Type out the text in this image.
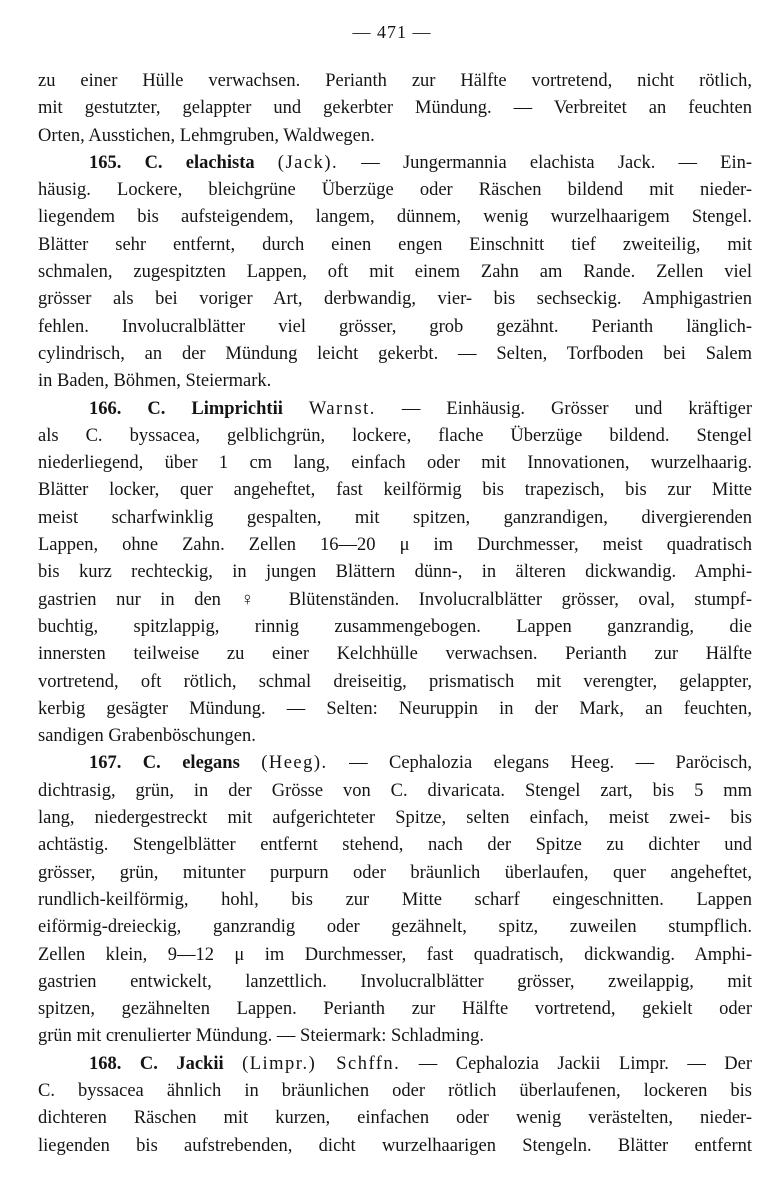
— 471 —
zu einer Hülle verwachsen. Perianth zur Hälfte vortretend, nicht rötlich,
mit gestutzter, gelappter und gekerbter Mündung. — Verbreitet an feuchten
Orten, Ausstichen, Lehmgruben, Waldwegen.
165. C. elachista (Jack). — Jungermannia elachista Jack. — Ein-
häusig. Lockere, bleichgrüne Überzüge oder Räschen bildend mit nieder-
liegendem bis aufsteigendem, langem, dünnem, wenig wurzelhaarigem Stengel.
Blätter sehr entfernt, durch einen engen Einschnitt tief zweiteilig, mit
schmalen, zugespitzten Lappen, oft mit einem Zahn am Rande. Zellen viel
grösser als bei voriger Art, derbwandig, vier- bis sechseckig. Amphigastrien
fehlen. Involucralblätter viel grösser, grob gezähnt. Perianth länglich-
cylindrisch, an der Mündung leicht gekerbt. — Selten, Torfboden bei Salem
in Baden, Böhmen, Steiermark.
166. C. Limprichtii Warnst. — Einhäusig. Grösser und kräftiger
als C. byssacea, gelblichgrün, lockere, flache Überzüge bildend. Stengel
niederliegend, über 1 cm lang, einfach oder mit Innovationen, wurzelhaarig.
Blätter locker, quer angeheftet, fast keilförmig bis trapezisch, bis zur Mitte
meist scharfwinklig gespalten, mit spitzen, ganzrandigen, divergierenden
Lappen, ohne Zahn. Zellen 16—20 μ im Durchmesser, meist quadratisch
bis kurz rechteckig, in jungen Blättern dünn-, in älteren dickwandig. Amphi-
gastrien nur in den ♀ Blütenständen. Involucralblätter grösser, oval, stumpf-
buchtig, spitzlappig, rinnig zusammengebogen. Lappen ganzrandig, die
innersten teilweise zu einer Kelchhülle verwachsen. Perianth zur Hälfte
vortretend, oft rötlich, schmal dreiseitig, prismatisch mit verengter, gelappter,
kerbig gesägter Mündung. — Selten: Neuruppin in der Mark, an feuchten,
sandigen Grabenböschungen.
167. C. elegans (Heeg). — Cephalozia elegans Heeg. — Paröcisch,
dichtrasig, grün, in der Grösse von C. divaricata. Stengel zart, bis 5 mm
lang, niedergestreckt mit aufgerichteter Spitze, selten einfach, meist zwei- bis
achtästig. Stengelblätter entfernt stehend, nach der Spitze zu dichter und
grösser, grün, mitunter purpurn oder bräunlich überlaufen, quer angeheftet,
rundlich-keilförmig, hohl, bis zur Mitte scharf eingeschnitten. Lappen
eiförmig-dreieckig, ganzrandig oder gezähnelt, spitz, zuweilen stumpflich.
Zellen klein, 9—12 μ im Durchmesser, fast quadratisch, dickwandig. Amphi-
gastrien entwickelt, lanzettlich. Involucralblätter grösser, zweilappig, mit
spitzen, gezähnelten Lappen. Perianth zur Hälfte vortretend, gekielt oder
grün mit crenulierter Mündung. — Steiermark: Schladming.
168. C. Jackii (Limpr.) Schffn. — Cephalozia Jackii Limpr. — Der
C. byssacea ähnlich in bräunlichen oder rötlich überlaufenen, lockeren bis
dichteren Räschen mit kurzen, einfachen oder wenig verästelten, nieder-
liegenden bis aufstrebenden, dicht wurzelhaarigen Stengeln. Blätter entfernt
